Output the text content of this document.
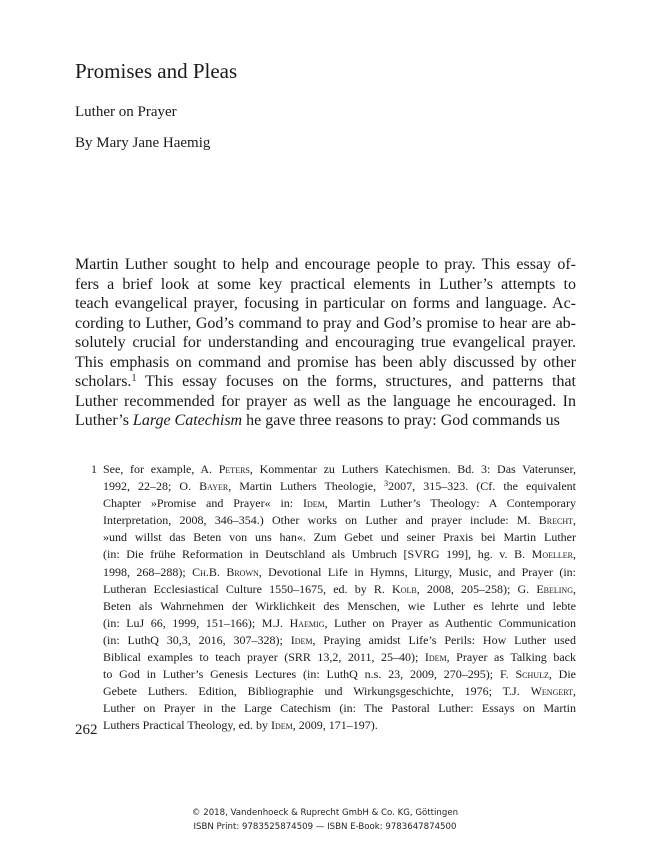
Promises and Pleas
Luther on Prayer
By Mary Jane Haemig
Martin Luther sought to help and encourage people to pray. This essay of-
fers a brief look at some key practical elements in Luther’s attempts to
teach evangelical prayer, focusing in particular on forms and language. Ac-
cording to Luther, God’s command to pray and God’s promise to hear are ab-
solutely crucial for understanding and encouraging true evangelical prayer.
This emphasis on command and promise has been ably discussed by other
scholars.$^1$ This essay focuses on the forms, structures, and patterns that
Luther recommended for prayer as well as the language he encouraged. In
Luther’s Large Catechism he gave three reasons to pray: God commands us
1 See, for example, A. Peters, Kommentar zu Luthers Katechismen. Bd. 3: Das Vaterunser,
1992, 22–28; O. Bayer, Martin Luthers Theologie, $^3$2007, 315–323. (Cf. the equivalent
Chapter »Promise and Prayer« in: Idem, Martin Luther’s Theology: A Contemporary
Interpretation, 2008, 346–354.) Other works on Luther and prayer include: M. Brecht,
»und willst das Beten von uns han«. Zum Gebet und seiner Praxis bei Martin Luther
(in: Die frühe Reformation in Deutschland als Umbruch [SVRG 199], hg. v. B. Moeller,
1998, 268–288); Ch.B. Brown, Devotional Life in Hymns, Liturgy, Music, and Prayer (in:
Lutheran Ecclesiastical Culture 1550–1675, ed. by R. Kolb, 2008, 205–258); G. Ebeling,
Beten als Wahrnehmen der Wirklichkeit des Menschen, wie Luther es lehrte und lebte
(in: LuJ 66, 1999, 151–166); M.J. Haemig, Luther on Prayer as Authentic Communication
(in: LuthQ 30,3, 2016, 307–328); Idem, Praying amidst Life’s Perils: How Luther used
Biblical examples to teach prayer (SRR 13,2, 2011, 25–40); Idem, Prayer as Talking back
to God in Luther’s Genesis Lectures (in: LuthQ n.s. 23, 2009, 270–295); F. Schulz, Die
Gebete Luthers. Edition, Bibliographie und Wirkungsgeschichte, 1976; T.J. Wengert,
Luther on Prayer in the Large Catechism (in: The Pastoral Luther: Essays on Martin
Luthers Practical Theology, ed. by Idem, 2009, 171–197).
262
© 2018, Vandenhoeck & Ruprecht GmbH & Co. KG, Göttingen
ISBN Print: 9783525874509 — ISBN E-Book: 9783647874500
